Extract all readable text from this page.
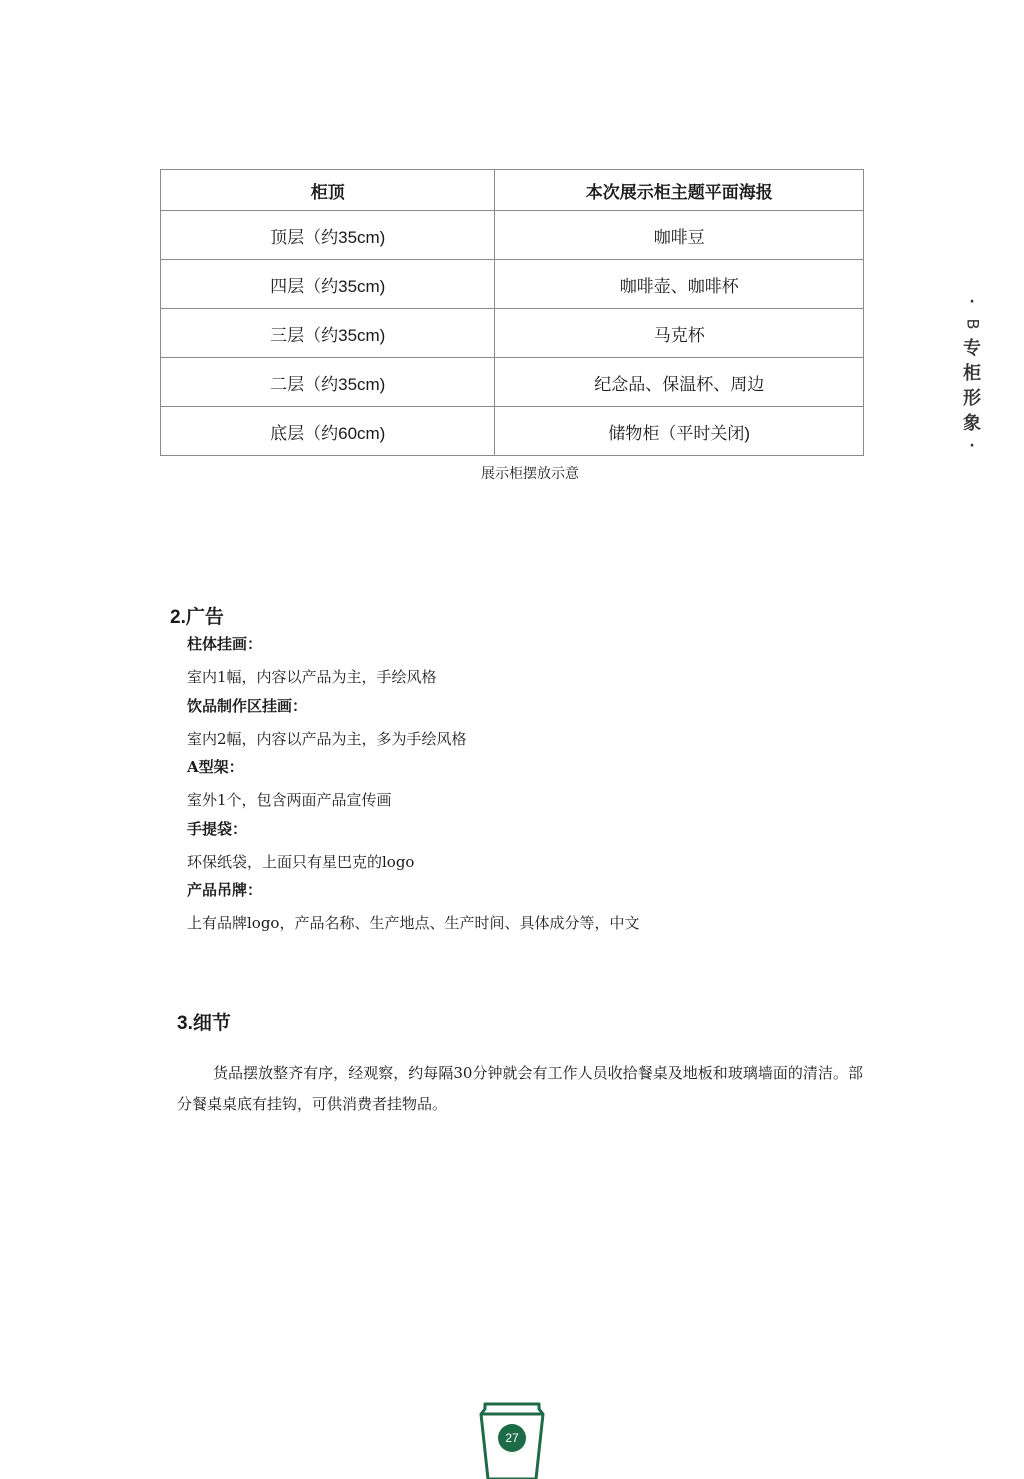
柜顶	本次展示柜主题平面海报
顶层（约35cm)	咖啡豆
四层（约35cm)	咖啡壶、咖啡杯
三层（约35cm)	马克杯
二层（约35cm)	纪念品、保温杯、周边
底层（约60cm)	储物柜（平时关闭)
展示柜摆放示意
·
B
专
柜
形
象
·
2.广告
柱体挂画：
室内1幅，内容以产品为主，手绘风格
饮品制作区挂画：
室内2幅，内容以产品为主，多为手绘风格
A型架：
室外1个，包含两面产品宣传画
手提袋：
环保纸袋，上面只有星巴克的logo
产品吊牌：
上有品牌logo，产品名称、生产地点、生产时间、具体成分等，中文
3.细节

货品摆放整齐有序，经观察，约每隔30分钟就会有工作人员收拾餐桌及地板和玻璃墙面的清洁。部分餐桌桌底有挂钩，可供消费者挂物品。

27
